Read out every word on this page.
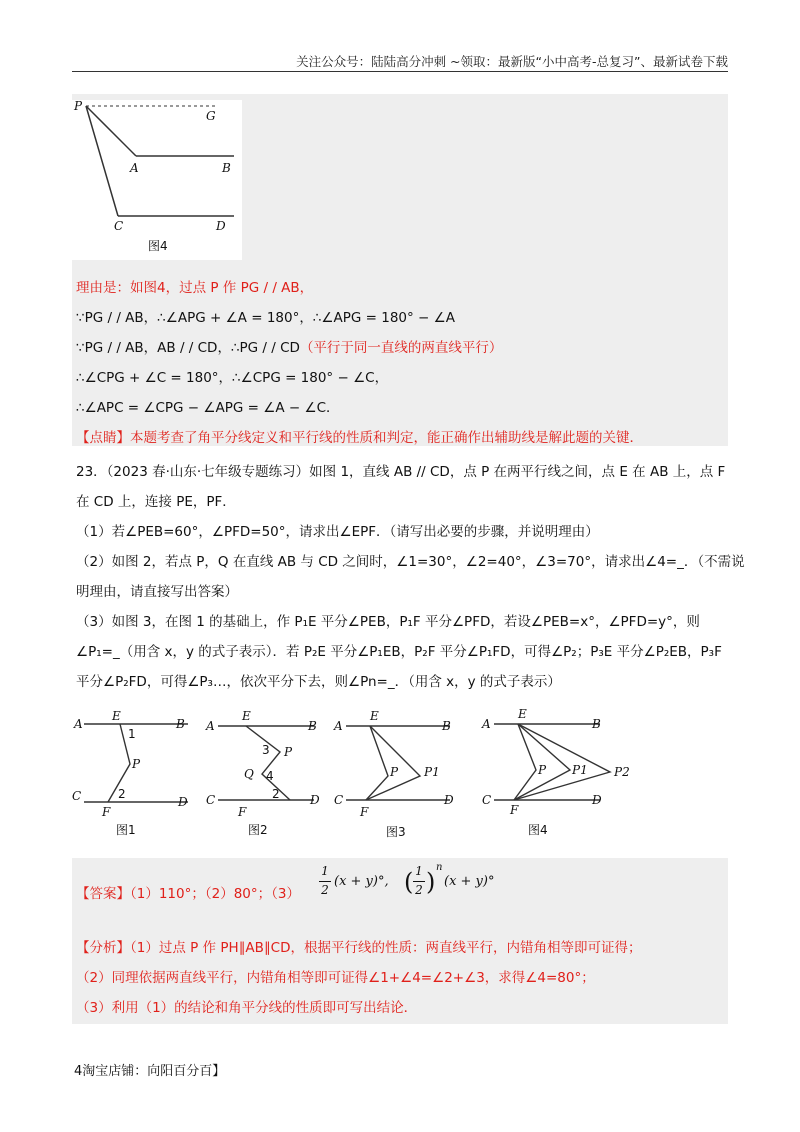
关注公众号：陆陆高分冲刺 ~领取：最新版“小中高考-总复习”、最新试卷下载
P
G
A	B
C	D
图4
理由是：如图4，过点 P 作 PG / / AB，
∵PG / / AB，∴∠APG + ∠A = 180°，∴∠APG = 180° − ∠A
∵PG / / AB，AB / / CD，∴PG / / CD（平行于同一直线的两直线平行）
∴∠CPG + ∠C = 180°，∴∠CPG = 180° − ∠C，
∴∠APC = ∠CPG − ∠APG = ∠A − ∠C．
【点睛】本题考查了角平分线定义和平行线的性质和判定，能正确作出辅助线是解此题的关键．
23．（2023 春·山东·七年级专题练习）如图 1，直线 AB // CD，点 P 在两平行线之间，点 E 在 AB 上，点 F
在 CD 上，连接 PE，PF．
（1）若∠PEB=60°，∠PFD=50°，请求出∠EPF．（请写出必要的步骤，并说明理由）
（2）如图 2，若点 P，Q 在直线 AB 与 CD 之间时，∠1=30°，∠2=40°，∠3=70°，请求出∠4=_．（不需说
明理由，请直接写出答案）
（3）如图 3，在图 1 的基础上，作 P₁E 平分∠PEB，P₁F 平分∠PFD，若设∠PEB=x°，∠PFD=y°，则
∠P₁=_（用含 x，y 的式子表示）．若 P₂E 平分∠P₁EB，P₂F 平分∠P₁FD，可得∠P₂；P₃E 平分∠P₂EB，P₃F
平分∠P₂FD，可得∠P₃…，依次平分下去，则∠Pn=_．（用含 x，y 的式子表示）
A
E
B
1
P
C
F
2
D
图1
A
E
B
3 P
Q 4
C
F
2	D
图2
A
E
B
P P1
C
F
D
图3
A
E
B
P P1 P2
C
F
D
图4
【答案】（1）110°；（2）80°；（3）
1
2
(x + y)°, ( 1
2 )
n
(x + y)°
【分析】（1）过点 P 作 PH∥AB∥CD，根据平行线的性质：两直线平行，内错角相等即可证得；
（2）同理依据两直线平行，内错角相等即可证得∠1+∠4=∠2+∠3，求得∠4=80°；
（3）利用（1）的结论和角平分线的性质即可写出结论．
4淘宝店铺：向阳百分百】
